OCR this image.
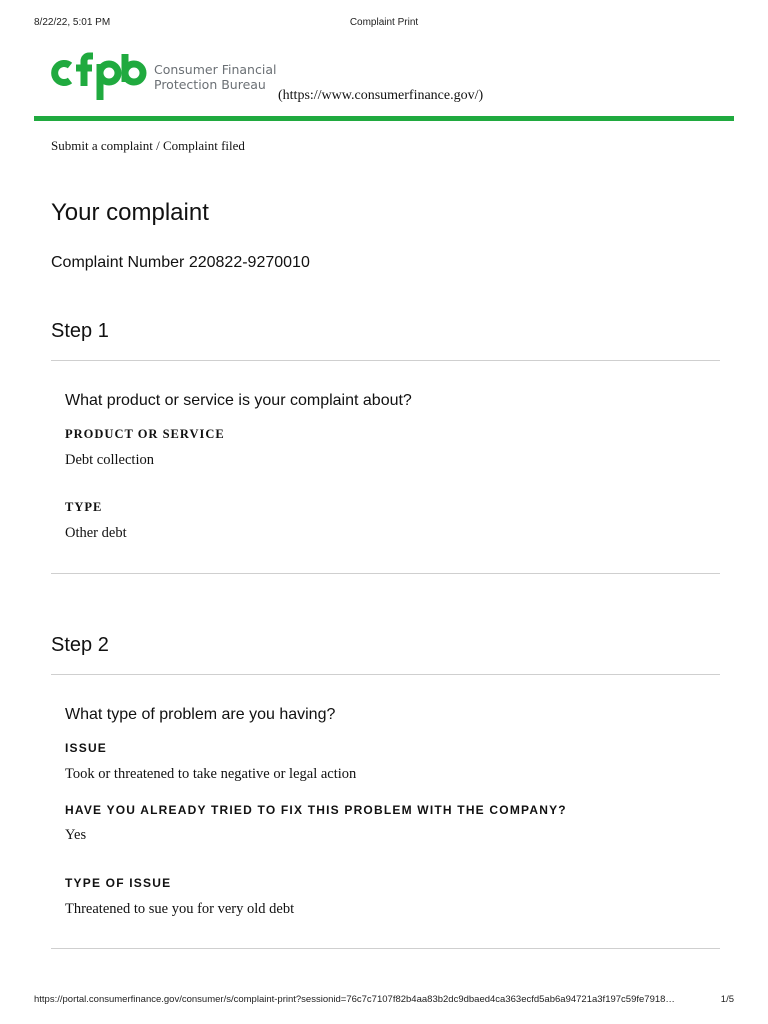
8/22/22, 5:01 PM	Complaint Print
Consumer Financial
Protection Bureau
(https://www.consumerfinance.gov/)
Submit a complaint / Complaint filed
Your complaint
Complaint Number 220822-9270010
Step 1
What product or service is your complaint about?
PRODUCT OR SERVICE
Debt collection
TYPE
Other debt
Step 2
What type of problem are you having?
ISSUE
Took or threatened to take negative or legal action
HAVE YOU ALREADY TRIED TO FIX THIS PROBLEM WITH THE COMPANY?
Yes
TYPE OF ISSUE
Threatened to sue you for very old debt
https://portal.consumerfinance.gov/consumer/s/complaint-print?sessionid=76c7c7107f82b4aa83b2dc9dbaed4ca363ecfd5ab6a94721a3f197c59fe7918…	1/5
